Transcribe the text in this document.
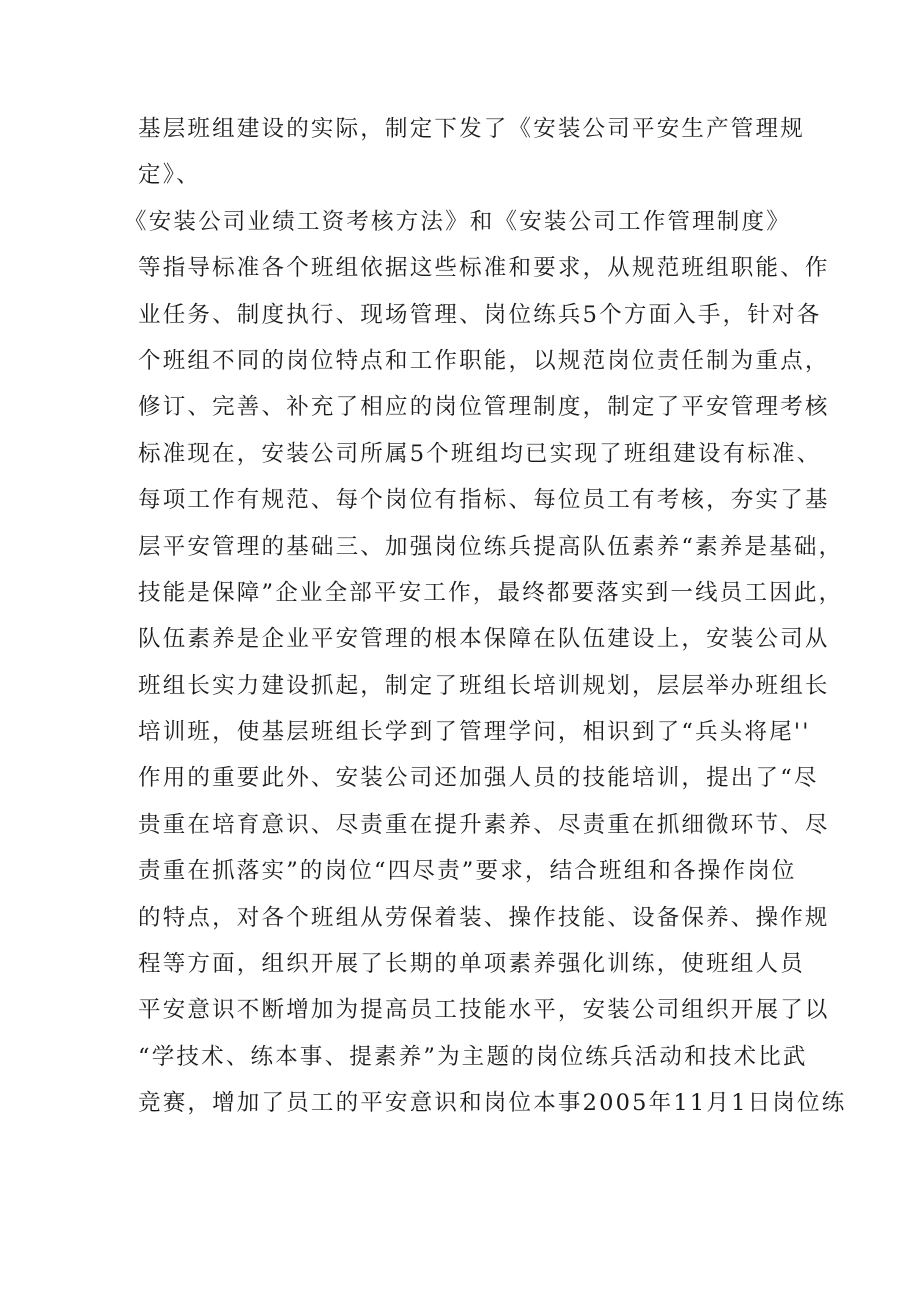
基层班组建设的实际，制定下发了《安装公司平安生产管理规
定》、
《安装公司业绩工资考核方法》和《安装公司工作管理制度》
等指导标准各个班组依据这些标准和要求，从规范班组职能、作
业任务、制度执行、现场管理、岗位练兵5个方面入手，针对各
个班组不同的岗位特点和工作职能，以规范岗位责任制为重点，
修订、完善、补充了相应的岗位管理制度，制定了平安管理考核
标准现在，安装公司所属5个班组均已实现了班组建设有标准、
每项工作有规范、每个岗位有指标、每位员工有考核，夯实了基
层平安管理的基础三、加强岗位练兵提高队伍素养“素养是基础，
技能是保障”企业全部平安工作，最终都要落实到一线员工因此，
队伍素养是企业平安管理的根本保障在队伍建设上，安装公司从
班组长实力建设抓起，制定了班组长培训规划，层层举办班组长
培训班，使基层班组长学到了管理学问，相识到了“兵头将尾''
作用的重要此外、安装公司还加强人员的技能培训，提出了“尽
贵重在培育意识、尽责重在提升素养、尽责重在抓细微环节、尽
责重在抓落实”的岗位“四尽责”要求，结合班组和各操作岗位
的特点，对各个班组从劳保着装、操作技能、设备保养、操作规
程等方面，组织开展了长期的单项素养强化训练，使班组人员
平安意识不断增加为提高员工技能水平，安装公司组织开展了以
“学技术、练本事、提素养”为主题的岗位练兵活动和技术比武
竞赛，增加了员工的平安意识和岗位本事2005年11月1日岗位练
